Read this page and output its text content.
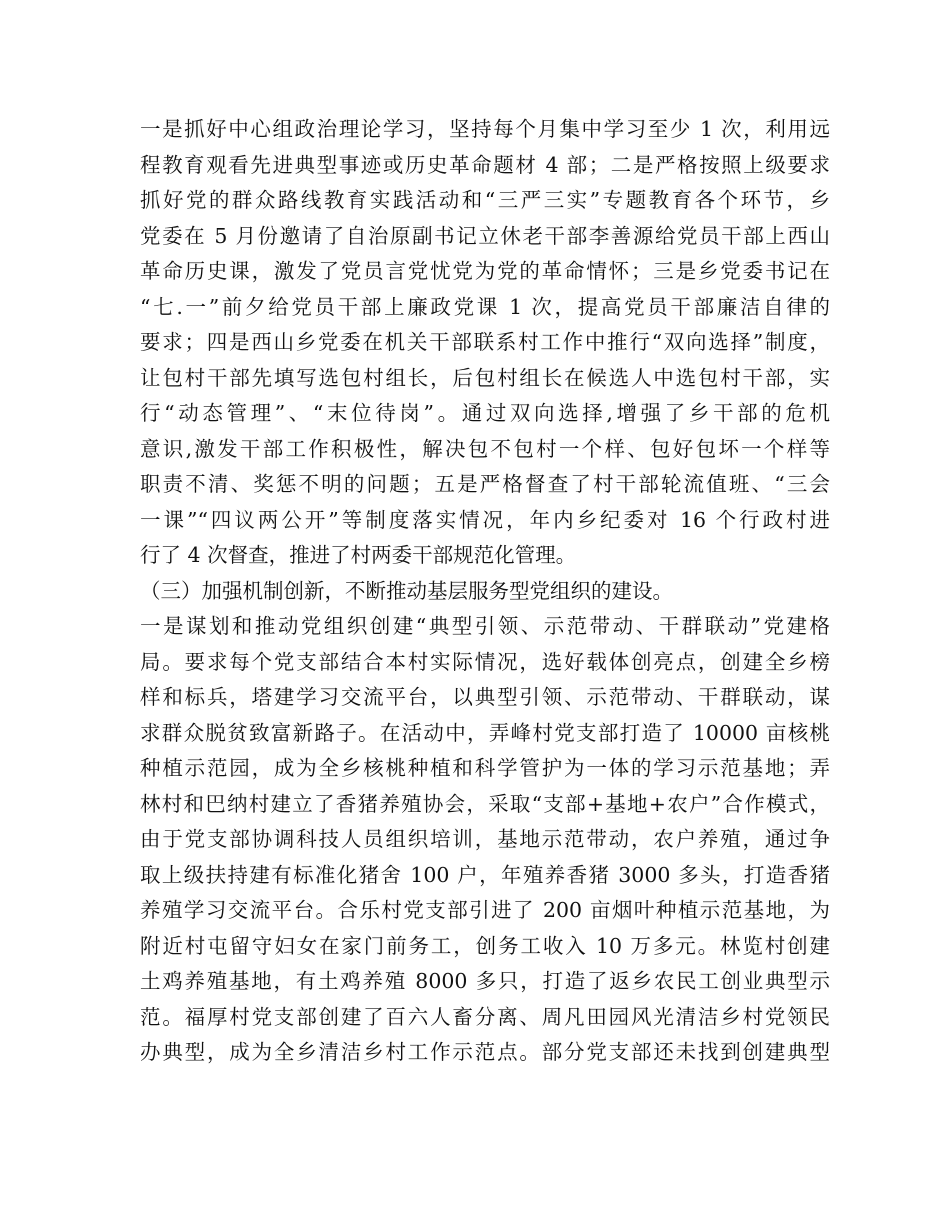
一是抓好中心组政治理论学习，坚持每个月集中学习至少 1 次，利用远
程教育观看先进典型事迹或历史革命题材 4 部；二是严格按照上级要求
抓好党的群众路线教育实践活动和“三严三实”专题教育各个环节，乡
党委在 5 月份邀请了自治原副书记立休老干部李善源给党员干部上西山
革命历史课，激发了党员言党忧党为党的革命情怀；三是乡党委书记在
“七.一”前夕给党员干部上廉政党课 1 次，提高党员干部廉洁自律的
要求；四是西山乡党委在机关干部联系村工作中推行“双向选择”制度，
让包村干部先填写选包村组长，后包村组长在候选人中选包村干部，实
行“动态管理”、“末位待岗”。通过双向选择,增强了乡干部的危机
意识,激发干部工作积极性，解决包不包村一个样、包好包坏一个样等
职责不清、奖惩不明的问题；五是严格督查了村干部轮流值班、“三会
一课”“四议两公开”等制度落实情况，年内乡纪委对 16 个行政村进
行了 4 次督查，推进了村两委干部规范化管理。
（三）加强机制创新，不断推动基层服务型党组织的建设。
一是谋划和推动党组织创建“典型引领、示范带动、干群联动”党建格
局。要求每个党支部结合本村实际情况，选好载体创亮点，创建全乡榜
样和标兵，塔建学习交流平台，以典型引领、示范带动、干群联动，谋
求群众脱贫致富新路子。在活动中，弄峰村党支部打造了 10000 亩核桃
种植示范园，成为全乡核桃种植和科学管护为一体的学习示范基地；弄
林村和巴纳村建立了香猪养殖协会，采取“支部+基地+农户”合作模式，
由于党支部协调科技人员组织培训，基地示范带动，农户养殖，通过争
取上级扶持建有标准化猪舍 100 户，年殖养香猪 3000 多头，打造香猪
养殖学习交流平台。合乐村党支部引进了 200 亩烟叶种植示范基地，为
附近村屯留守妇女在家门前务工，创务工收入 10 万多元。林览村创建
土鸡养殖基地，有土鸡养殖 8000 多只，打造了返乡农民工创业典型示
范。福厚村党支部创建了百六人畜分离、周凡田园风光清洁乡村党领民
办典型，成为全乡清洁乡村工作示范点。部分党支部还未找到创建典型
